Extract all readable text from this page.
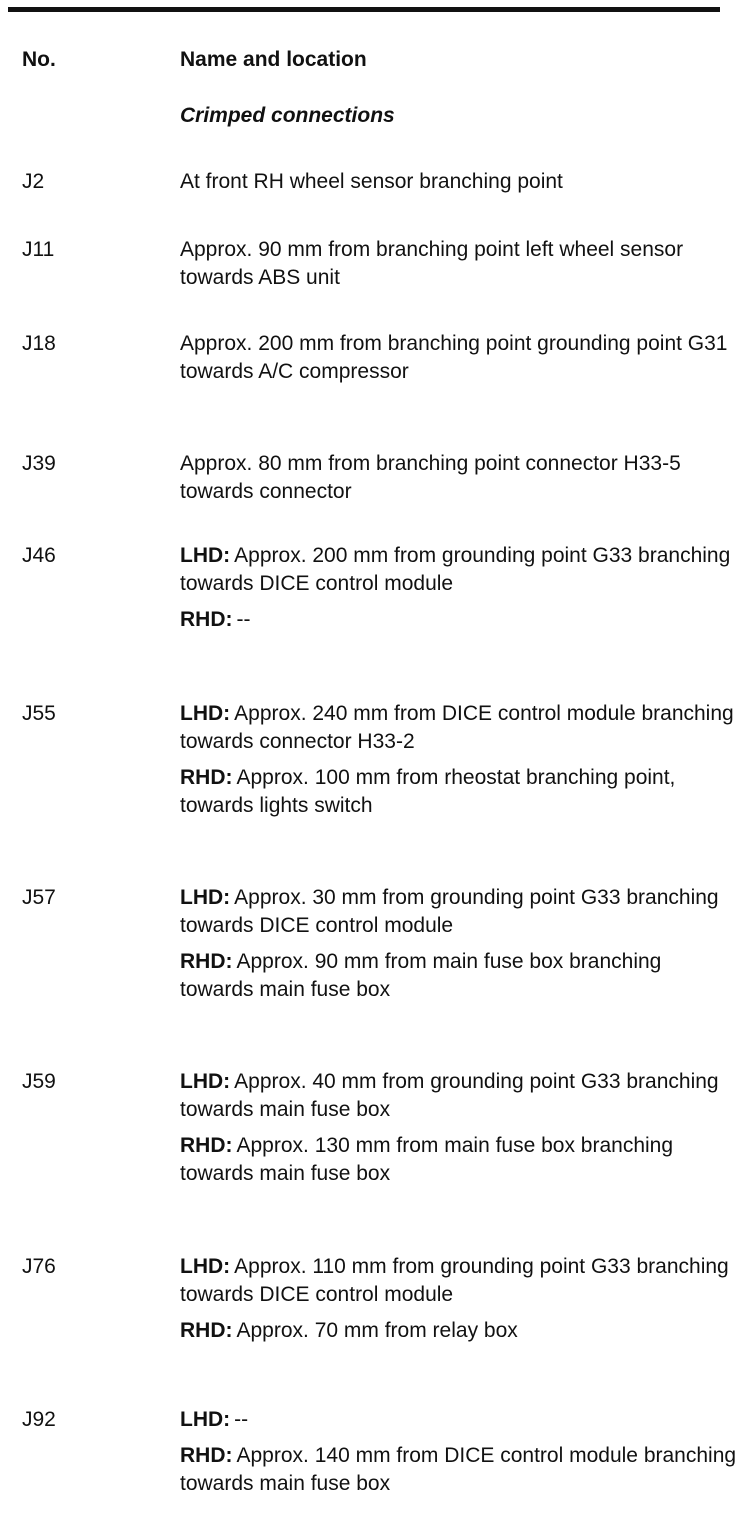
No.	Name and location
Crimped connections
J2	At front RH wheel sensor branching point
J11	Approx. 90 mm from branching point left wheel sensor towards ABS unit
J18	Approx. 200 mm from branching point grounding point G31 towards A/C compressor
J39	Approx. 80 mm from branching point connector H33-5 towards connector
J46	LHD: Approx. 200 mm from grounding point G33 branching towards DICE control module
RHD: --
J55	LHD: Approx. 240 mm from DICE control module branching towards connector H33-2
RHD: Approx. 100 mm from rheostat branching point, towards lights switch
J57	LHD: Approx. 30 mm from grounding point G33 branching towards DICE control module
RHD: Approx. 90 mm from main fuse box branching towards main fuse box
J59	LHD: Approx. 40 mm from grounding point G33 branching towards main fuse box
RHD: Approx. 130 mm from main fuse box branching towards main fuse box
J76	LHD: Approx. 110 mm from grounding point G33 branching towards DICE control module
RHD: Approx. 70 mm from relay box
J92	LHD: --
RHD: Approx. 140 mm from DICE control module branching towards main fuse box
